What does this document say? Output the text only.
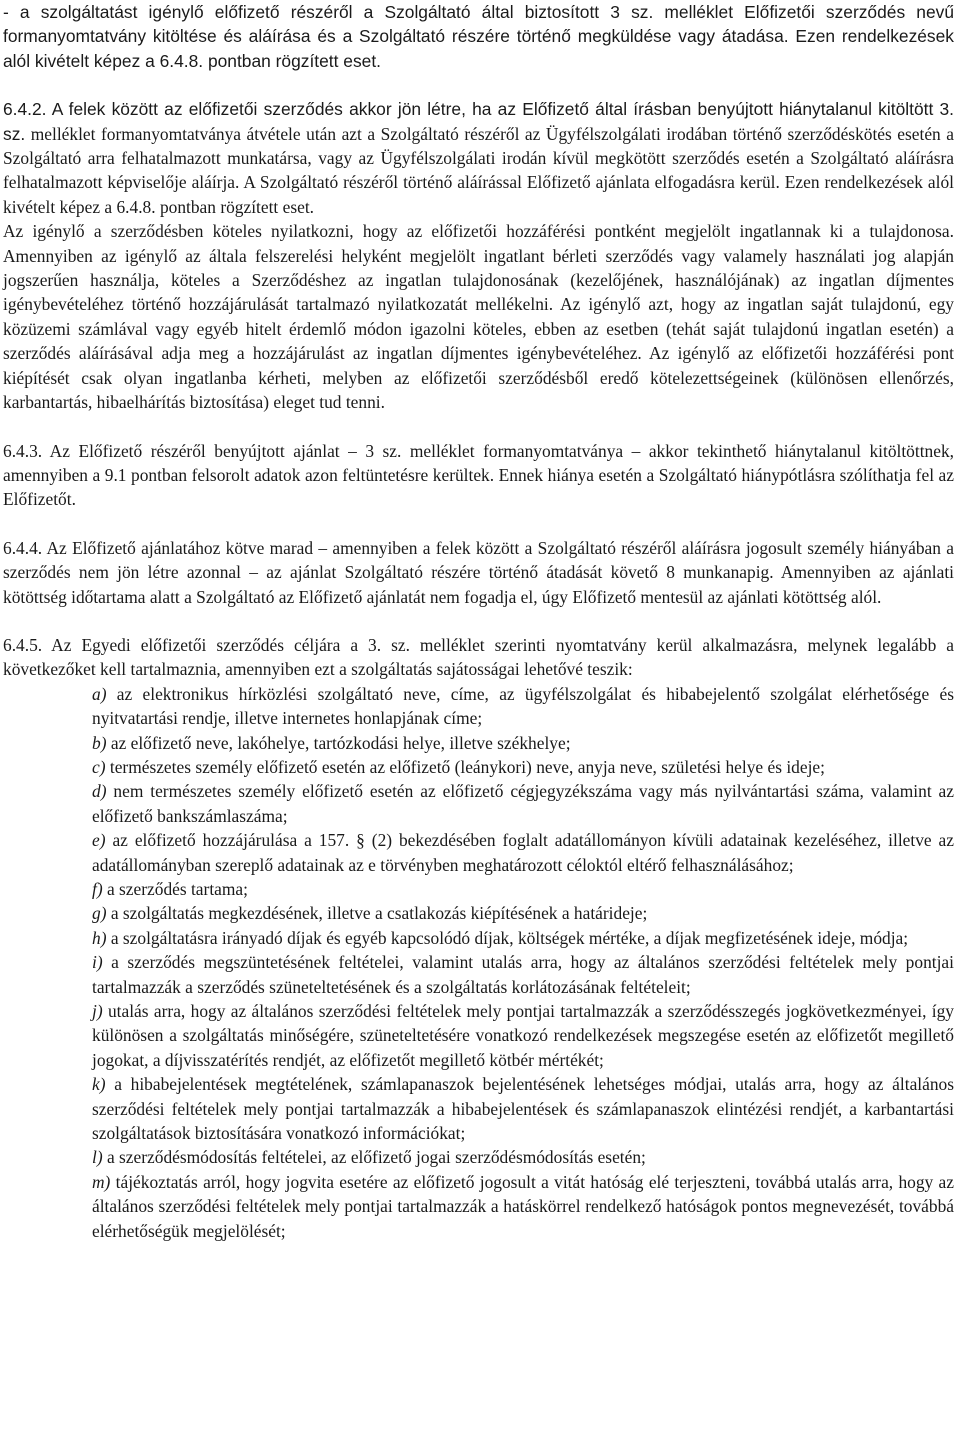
- a szolgáltatást igénylő előfizető részéről a Szolgáltató által biztosított 3 sz. melléklet Előfizetői szerződés nevű formanyomtatvány kitöltése és aláírása és a Szolgáltató részére történő megküldése vagy átadása. Ezen rendelkezések alól kivételt képez a 6.4.8. pontban rögzített eset.

6.4.2. A felek között az előfizetői szerződés akkor jön létre, ha az Előfizető által írásban benyújtott hiánytalanul kitöltött 3. sz. melléklet formanyomtatványa átvétele után azt a Szolgáltató részéről az Ügyfélszolgálati irodában történő szerződéskötés esetén a Szolgáltató arra felhatalmazott munkatársa, vagy az Ügyfélszolgálati irodán kívül megkötött szerződés esetén a Szolgáltató aláírásra felhatalmazott képviselője aláírja. A Szolgáltató részéről történő aláírással Előfizető ajánlata elfogadásra kerül. Ezen rendelkezések alól kivételt képez a 6.4.8. pontban rögzített eset.

Az igénylő a szerződésben köteles nyilatkozni, hogy az előfizetői hozzáférési pontként megjelölt ingatlannak ki a tulajdonosa. Amennyiben az igénylő az általa felszerelési helyként megjelölt ingatlant bérleti szerződés vagy valamely használati jog alapján jogszerűen használja, köteles a Szerződéshez az ingatlan tulajdonosának (kezelőjének, használójának) az ingatlan díjmentes igénybevételéhez történő hozzájárulását tartalmazó nyilatkozatát mellékelni. Az igénylő azt, hogy az ingatlan saját tulajdonú, egy közüzemi számlával vagy egyéb hitelt érdemlő módon igazolni köteles, ebben az esetben (tehát saját tulajdonú ingatlan esetén) a szerződés aláírásával adja meg a hozzájárulást az ingatlan díjmentes igénybevételéhez. Az igénylő az előfizetői hozzáférési pont kiépítését csak olyan ingatlanba kérheti, melyben az előfizetői szerződésből eredő kötelezettségeinek (különösen ellenőrzés, karbantartás, hibaelhárítás biztosítása) eleget tud tenni.

6.4.3. Az Előfizető részéről benyújtott ajánlat – 3 sz. melléklet formanyomtatványa – akkor tekinthető hiánytalanul kitöltöttnek, amennyiben a 9.1 pontban felsorolt adatok azon feltüntetésre kerültek. Ennek hiánya esetén a Szolgáltató hiánypótlásra szólíthatja fel az Előfizetőt.

6.4.4. Az Előfizető ajánlatához kötve marad – amennyiben a felek között a Szolgáltató részéről aláírásra jogosult személy hiányában a szerződés nem jön létre azonnal – az ajánlat Szolgáltató részére történő átadását követő 8 munkanapig. Amennyiben az ajánlati kötöttség időtartama alatt a Szolgáltató az Előfizető ajánlatát nem fogadja el, úgy Előfizető mentesül az ajánlati kötöttség alól.

6.4.5. Az Egyedi előfizetői szerződés céljára a 3. sz. melléklet szerinti nyomtatvány kerül alkalmazásra, melynek legalább a következőket kell tartalmaznia, amennyiben ezt a szolgáltatás sajátosságai lehetővé teszik:

a) az elektronikus hírközlési szolgáltató neve, címe, az ügyfélszolgálat és hibabejelentő szolgálat elérhetősége és nyitvatartási rendje, illetve internetes honlapjának címe;
b) az előfizető neve, lakóhelye, tartózkodási helye, illetve székhelye;
c) természetes személy előfizető esetén az előfizető (leánykori) neve, anyja neve, születési helye és ideje;
d) nem természetes személy előfizető esetén az előfizető cégjegyzékszáma vagy más nyilvántartási száma, valamint az előfizető bankszámlaszáma;
e) az előfizető hozzájárulása a 157. § (2) bekezdésében foglalt adatállományon kívüli adatainak kezeléséhez, illetve az adatállományban szereplő adatainak az e törvényben meghatározott céloktól eltérő felhasználásához;
f) a szerződés tartama;
g) a szolgáltatás megkezdésének, illetve a csatlakozás kiépítésének a határideje;
h) a szolgáltatásra irányadó díjak és egyéb kapcsolódó díjak, költségek mértéke, a díjak megfizetésének ideje, módja;
i) a szerződés megszüntetésének feltételei, valamint utalás arra, hogy az általános szerződési feltételek mely pontjai tartalmazzák a szerződés szüneteltetésének és a szolgáltatás korlátozásának feltételeit;
j) utalás arra, hogy az általános szerződési feltételek mely pontjai tartalmazzák a szerződésszegés jogkövetkezményei, így különösen a szolgáltatás minőségére, szüneteltetésére vonatkozó rendelkezések megszegése esetén az előfizetőt megillető jogokat, a díjvisszatérítés rendjét, az előfizetőt megillető kötbér mértékét;
k) a hibabejelentések megtételének, számlapanaszok bejelentésének lehetséges módjai, utalás arra, hogy az általános szerződési feltételek mely pontjai tartalmazzák a hibabejelentések és számlapanaszok elintézési rendjét, a karbantartási szolgáltatások biztosítására vonatkozó információkat;
l) a szerződésmódosítás feltételei, az előfizető jogai szerződésmódosítás esetén;
m) tájékoztatás arról, hogy jogvita esetére az előfizető jogosult a vitát hatóság elé terjeszteni, továbbá utalás arra, hogy az általános szerződési feltételek mely pontjai tartalmazzák a hatáskörrel rendelkező hatóságok pontos megnevezését, továbbá elérhetőségük megjelölését;
